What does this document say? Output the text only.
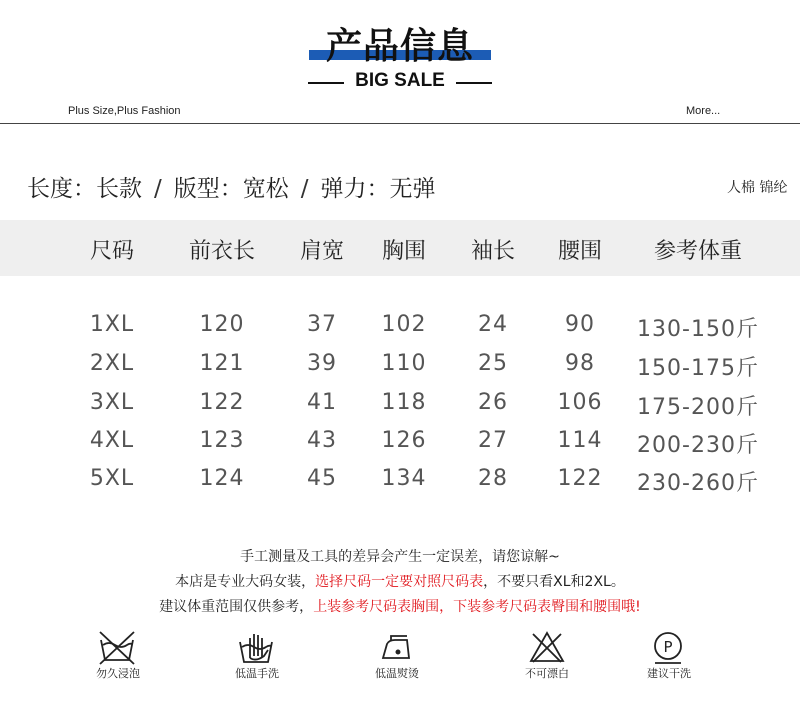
产品信息
BIG SALE
Plus Size,Plus Fashion	More...
长度：长款 / 版型：宽松 / 弹力：无弹	人棉 锦纶
尺码	前衣长	肩宽	胸围	袖长	腰围	参考体重
1XL	120	37	102	24	90	130-150斤
2XL	121	39	110	25	98	150-175斤
3XL	122	41	118	26	106	175-200斤
4XL	123	43	126	27	114	200-230斤
5XL	124	45	134	28	122	230-260斤
手工测量及工具的差异会产生一定误差，请您谅解~
本店是专业大码女装，选择尺码一定要对照尺码表，不要只看XL和2XL。
建议体重范围仅供参考，上装参考尺码表胸围，下装参考尺码表臀围和腰围哦!
P
勿久浸泡	低温手洗	低温熨烫	不可漂白	建议干洗
